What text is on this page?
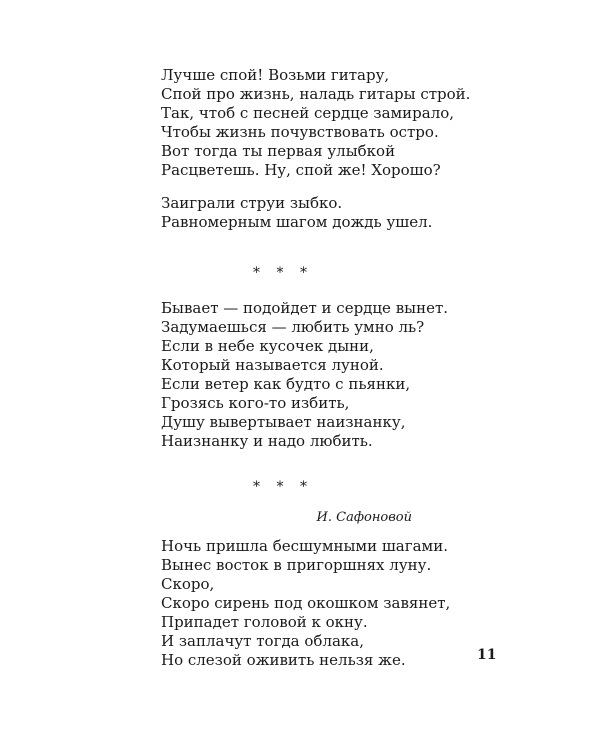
Лучше спой! Возьми гитару,
Спой про жизнь, наладь гитары строй.
Так, чтоб с песней сердце замирало,
Чтобы жизнь почувствовать остро.
Вот тогда ты первая улыбкой
Расцветешь. Ну, спой же! Хорошо?
Заиграли струи зыбко.
Равномерным шагом дождь ушел.
* * *
Бывает — подойдет и сердце вынет.
Задумаешься — любить умно ль?
Если в небе кусочек дыни,
Который называется луной.
Если ветер как будто с пьянки,
Грозясь кого-то избить,
Душу вывертывает наизнанку,
Наизнанку и надо любить.
* * *
И. Сафоновой
Ночь пришла бесшумными шагами.
Вынес восток в пригоршнях луну.
Скоро,
Скоро сирень под окошком завянет,
Припадет головой к окну.
И заплачут тогда облака,
Но слезой оживить нельзя же.	11
